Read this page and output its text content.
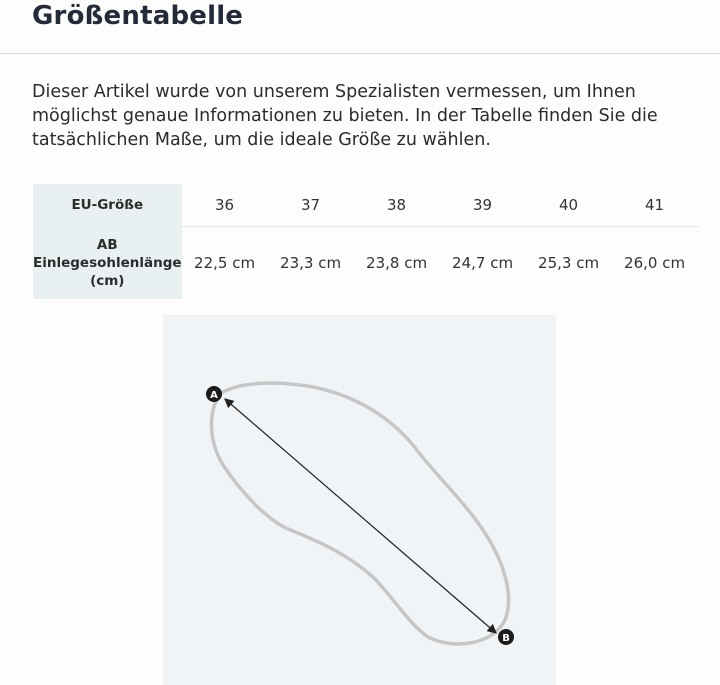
Größentabelle

Dieser Artikel wurde von unserem Spezialisten vermessen, um Ihnen möglichst genaue Informationen zu bieten. In der Tabelle finden Sie die tatsächlichen Maße, um die ideale Größe zu wählen.

EU-Größe	36	37	38	39	40	41

AB
Einlegesohlenlänge
(cm)	22,5 cm	23,3 cm	23,8 cm	24,7 cm	25,3 cm	26,0 cm
A
B
